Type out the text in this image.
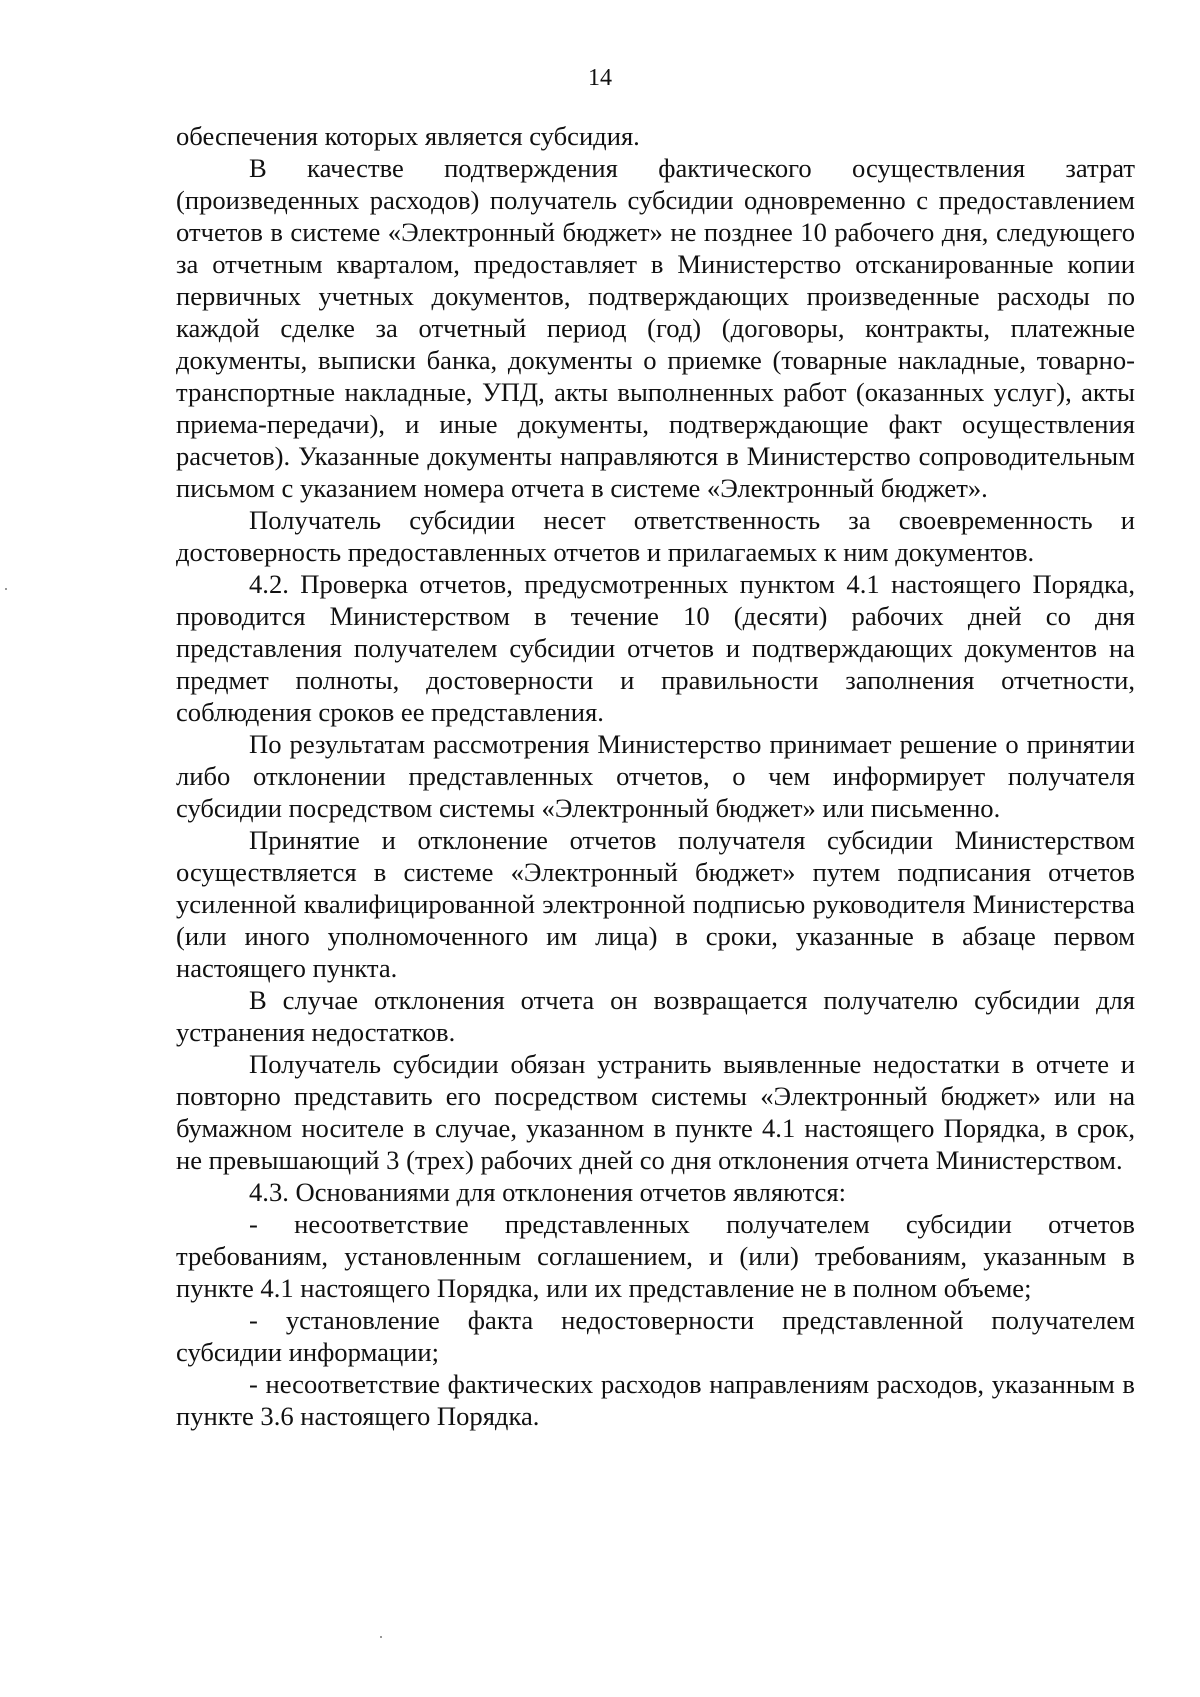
14

обеспечения которых является субсидия.

В качестве подтверждения фактического осуществления затрат (произведенных расходов) получатель субсидии одновременно с предоставлением отчетов в системе «Электронный бюджет» не позднее 10 рабочего дня, следующего за отчетным кварталом, предоставляет в Министерство отсканированные копии первичных учетных документов, подтверждающих произведенные расходы по каждой сделке за отчетный период (год) (договоры, контракты, платежные документы, выписки банка, документы о приемке (товарные накладные, товарно-транспортные накладные, УПД, акты выполненных работ (оказанных услуг), акты приема-передачи), и иные документы, подтверждающие факт осуществления расчетов). Указанные документы направляются в Министерство сопроводительным письмом с указанием номера отчета в системе «Электронный бюджет».

Получатель субсидии несет ответственность за своевременность и достоверность предоставленных отчетов и прилагаемых к ним документов.

4.2. Проверка отчетов, предусмотренных пунктом 4.1 настоящего Порядка, проводится Министерством в течение 10 (десяти) рабочих дней со дня представления получателем субсидии отчетов и подтверждающих документов на предмет полноты, достоверности и правильности заполнения отчетности, соблюдения сроков ее представления.

По результатам рассмотрения Министерство принимает решение о принятии либо отклонении представленных отчетов, о чем информирует получателя субсидии посредством системы «Электронный бюджет» или письменно.

Принятие и отклонение отчетов получателя субсидии Министерством осуществляется в системе «Электронный бюджет» путем подписания отчетов усиленной квалифицированной электронной подписью руководителя Министерства (или иного уполномоченного им лица) в сроки, указанные в абзаце первом настоящего пункта.

В случае отклонения отчета он возвращается получателю субсидии для устранения недостатков.

Получатель субсидии обязан устранить выявленные недостатки в отчете и повторно представить его посредством системы «Электронный бюджет» или на бумажном носителе в случае, указанном в пункте 4.1 настоящего Порядка, в срок, не превышающий 3 (трех) рабочих дней со дня отклонения отчета Министерством.

4.3. Основаниями для отклонения отчетов являются:

- несоответствие представленных получателем субсидии отчетов требованиям, установленным соглашением, и (или) требованиям, указанным в пункте 4.1 настоящего Порядка, или их представление не в полном объеме;

- установление факта недостоверности представленной получателем субсидии информации;

- несоответствие фактических расходов направлениям расходов, указанным в пункте 3.6 настоящего Порядка.
